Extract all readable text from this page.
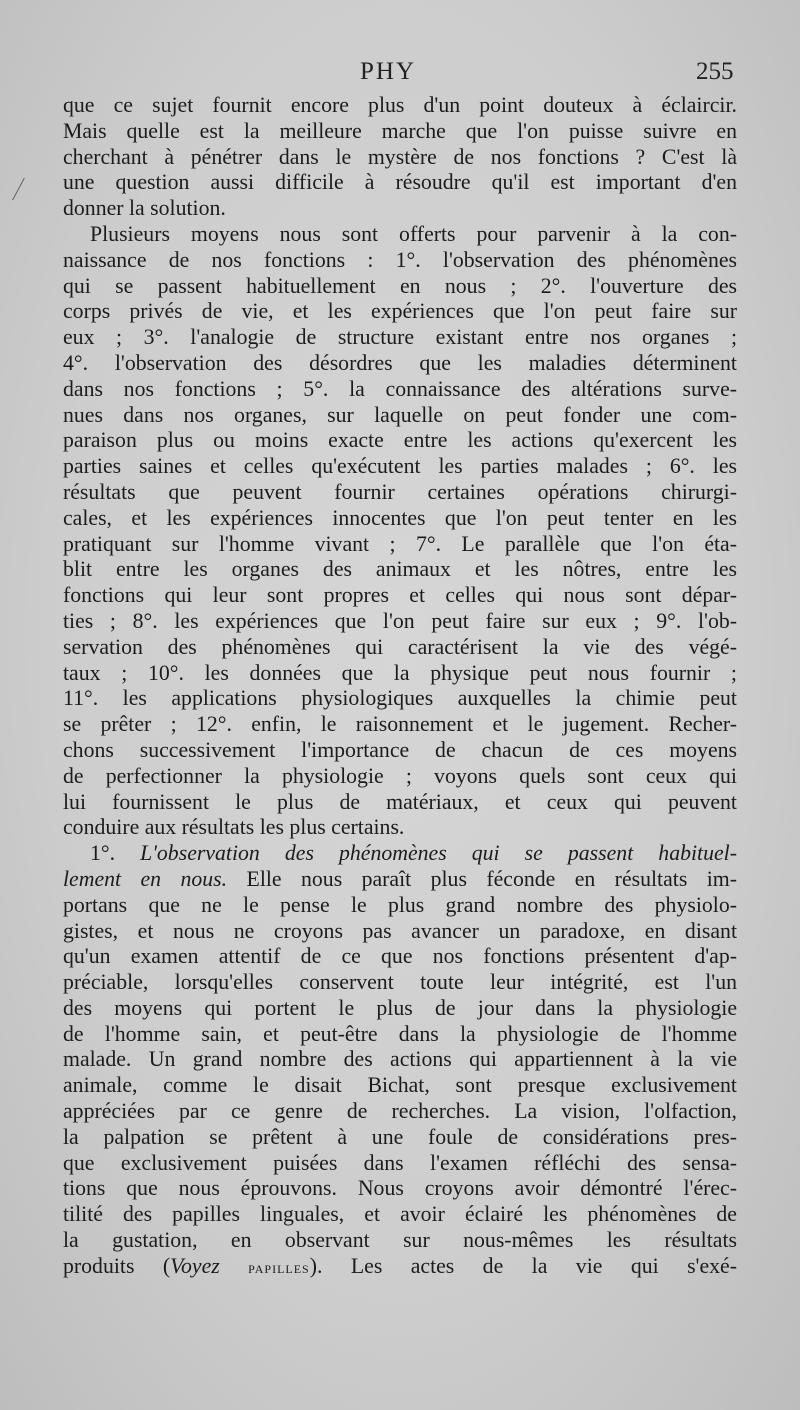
PHY	255
que ce sujet fournit encore plus d'un point douteux à éclaircir.
Mais quelle est la meilleure marche que l'on puisse suivre en
cherchant à pénétrer dans le mystère de nos fonctions ? C'est là
une question aussi difficile à résoudre qu'il est important d'en
donner la solution.
Plusieurs moyens nous sont offerts pour parvenir à la con-
naissance de nos fonctions : 1°. l'observation des phénomènes
qui se passent habituellement en nous ; 2°. l'ouverture des
corps privés de vie, et les expériences que l'on peut faire sur
eux ; 3°. l'analogie de structure existant entre nos organes ;
4°. l'observation des désordres que les maladies déterminent
dans nos fonctions ; 5°. la connaissance des altérations surve-
nues dans nos organes, sur laquelle on peut fonder une com-
paraison plus ou moins exacte entre les actions qu'exercent les
parties saines et celles qu'exécutent les parties malades ; 6°. les
résultats que peuvent fournir certaines opérations chirurgi-
cales, et les expériences innocentes que l'on peut tenter en les
pratiquant sur l'homme vivant ; 7°. Le parallèle que l'on éta-
blit entre les organes des animaux et les nôtres, entre les
fonctions qui leur sont propres et celles qui nous sont dépar-
ties ; 8°. les expériences que l'on peut faire sur eux ; 9°. l'ob-
servation des phénomènes qui caractérisent la vie des végé-
taux ; 10°. les données que la physique peut nous fournir ;
11°. les applications physiologiques auxquelles la chimie peut
se prêter ; 12°. enfin, le raisonnement et le jugement. Recher-
chons successivement l'importance de chacun de ces moyens
de perfectionner la physiologie ; voyons quels sont ceux qui
lui fournissent le plus de matériaux, et ceux qui peuvent
conduire aux résultats les plus certains.
1°. L'observation des phénomènes qui se passent habituel-
lement en nous. Elle nous paraît plus féconde en résultats im-
portans que ne le pense le plus grand nombre des physiolo-
gistes, et nous ne croyons pas avancer un paradoxe, en disant
qu'un examen attentif de ce que nos fonctions présentent d'ap-
préciable, lorsqu'elles conservent toute leur intégrité, est l'un
des moyens qui portent le plus de jour dans la physiologie
de l'homme sain, et peut-être dans la physiologie de l'homme
malade. Un grand nombre des actions qui appartiennent à la vie
animale, comme le disait Bichat, sont presque exclusivement
appréciées par ce genre de recherches. La vision, l'olfaction,
la palpation se prêtent à une foule de considérations pres-
que exclusivement puisées dans l'examen réfléchi des sensa-
tions que nous éprouvons. Nous croyons avoir démontré l'érec-
tilité des papilles linguales, et avoir éclairé les phénomènes de
la gustation, en observant sur nous-mêmes les résultats
produits (Voyez papilles). Les actes de la vie qui s'exé-
